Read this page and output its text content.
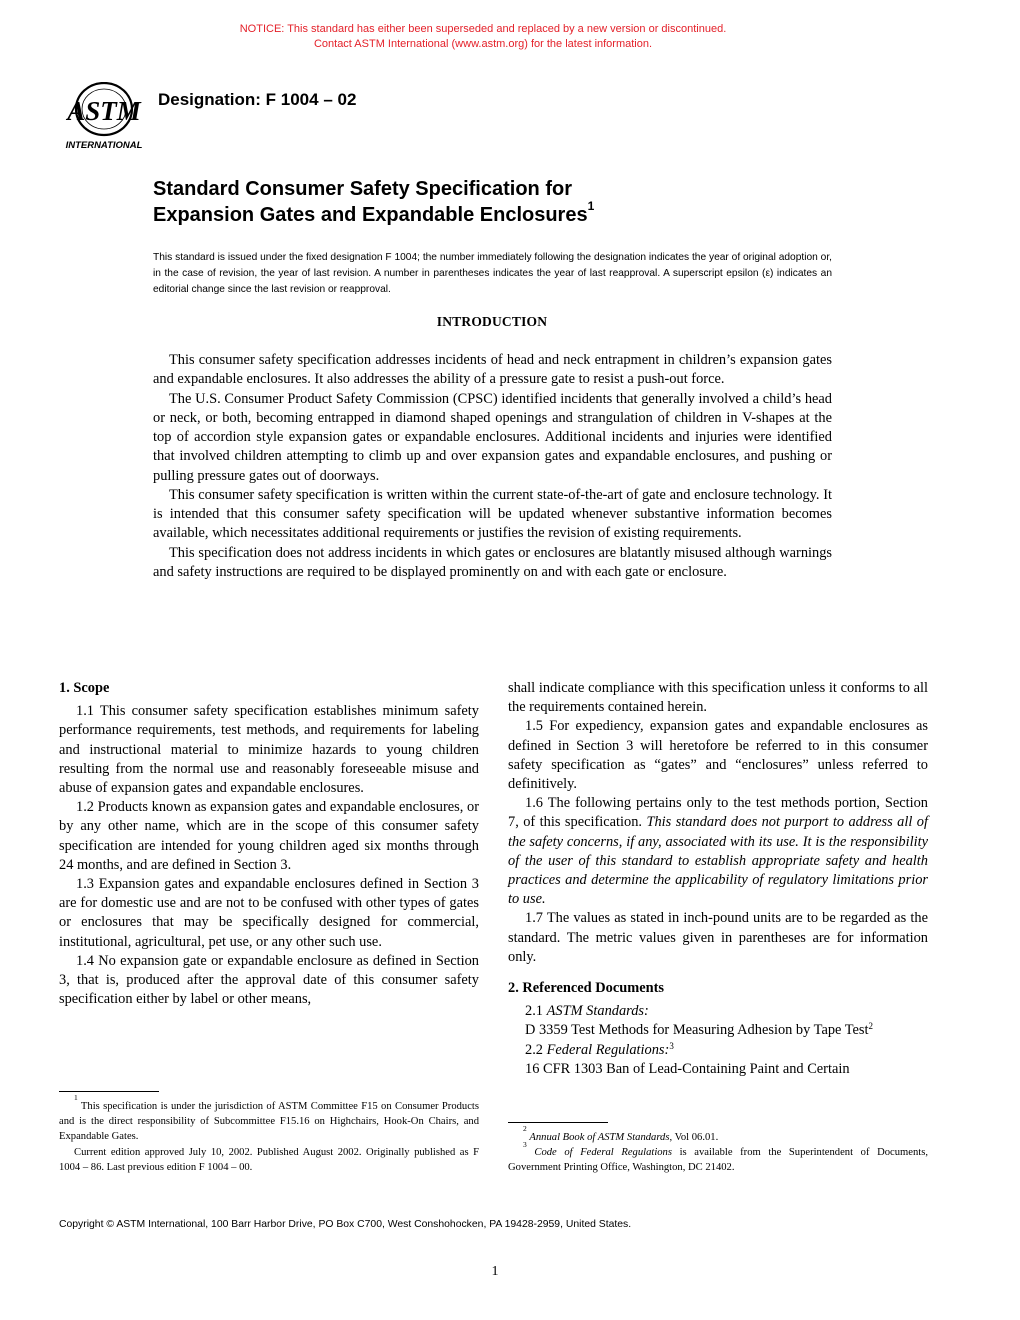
NOTICE: This standard has either been superseded and replaced by a new version or discontinued.
Contact ASTM International (www.astm.org) for the latest information.
ASTM
INTERNATIONAL
Designation: F 1004 – 02
Standard Consumer Safety Specification for
Expansion Gates and Expandable Enclosures$^1$
This standard is issued under the fixed designation F 1004; the number immediately following the designation indicates the year of original adoption or, in the case of revision, the year of last revision. A number in parentheses indicates the year of last reapproval. A superscript epsilon (ε) indicates an editorial change since the last revision or reapproval.
INTRODUCTION

This consumer safety specification addresses incidents of head and neck entrapment in children’s expansion gates and expandable enclosures. It also addresses the ability of a pressure gate to resist a push-out force.

The U.S. Consumer Product Safety Commission (CPSC) identified incidents that generally involved a child’s head or neck, or both, becoming entrapped in diamond shaped openings and strangulation of children in V-shapes at the top of accordion style expansion gates or expandable enclosures. Additional incidents and injuries were identified that involved children attempting to climb up and over expansion gates and expandable enclosures, and pushing or pulling pressure gates out of doorways.

This consumer safety specification is written within the current state-of-the-art of gate and enclosure technology. It is intended that this consumer safety specification will be updated whenever substantive information becomes available, which necessitates additional requirements or justifies the revision of existing requirements.

This specification does not address incidents in which gates or enclosures are blatantly misused although warnings and safety instructions are required to be displayed prominently on and with each gate or enclosure.

1. Scope

1.1 This consumer safety specification establishes minimum safety performance requirements, test methods, and requirements for labeling and instructional material to minimize hazards to young children resulting from the normal use and reasonably foreseeable misuse and abuse of expansion gates and expandable enclosures.

1.2 Products known as expansion gates and expandable enclosures, or by any other name, which are in the scope of this consumer safety specification are intended for young children aged six months through 24 months, and are defined in Section 3.

1.3 Expansion gates and expandable enclosures defined in Section 3 are for domestic use and are not to be confused with other types of gates or enclosures that may be specifically designed for commercial, institutional, agricultural, pet use, or any other such use.

1.4 No expansion gate or expandable enclosure as defined in Section 3, that is, produced after the approval date of this consumer safety specification either by label or other means,

$^1$ This specification is under the jurisdiction of ASTM Committee F15 on Consumer Products and is the direct responsibility of Subcommittee F15.16 on Highchairs, Hook-On Chairs, and Expandable Gates.

Current edition approved July 10, 2002. Published August 2002. Originally published as F 1004 – 86. Last previous edition F 1004 – 00.

shall indicate compliance with this specification unless it conforms to all the requirements contained herein.

1.5 For expediency, expansion gates and expandable enclosures as defined in Section 3 will heretofore be referred to in this consumer safety specification as “gates” and “enclosures” unless referred to definitively.

1.6 The following pertains only to the test methods portion, Section 7, of this specification. This standard does not purport to address all of the safety concerns, if any, associated with its use. It is the responsibility of the user of this standard to establish appropriate safety and health practices and determine the applicability of regulatory limitations prior to use.

1.7 The values as stated in inch-pound units are to be regarded as the standard. The metric values given in parentheses are for information only.

2. Referenced Documents

2.1 ASTM Standards:

D 3359 Test Methods for Measuring Adhesion by Tape Test$^2$

2.2 Federal Regulations:$^3$

16 CFR 1303 Ban of Lead-Containing Paint and Certain

$^2$ Annual Book of ASTM Standards, Vol 06.01.

$^3$ Code of Federal Regulations is available from the Superintendent of Documents, Government Printing Office, Washington, DC 21402.

Copyright © ASTM International, 100 Barr Harbor Drive, PO Box C700, West Conshohocken, PA 19428-2959, United States.
1
